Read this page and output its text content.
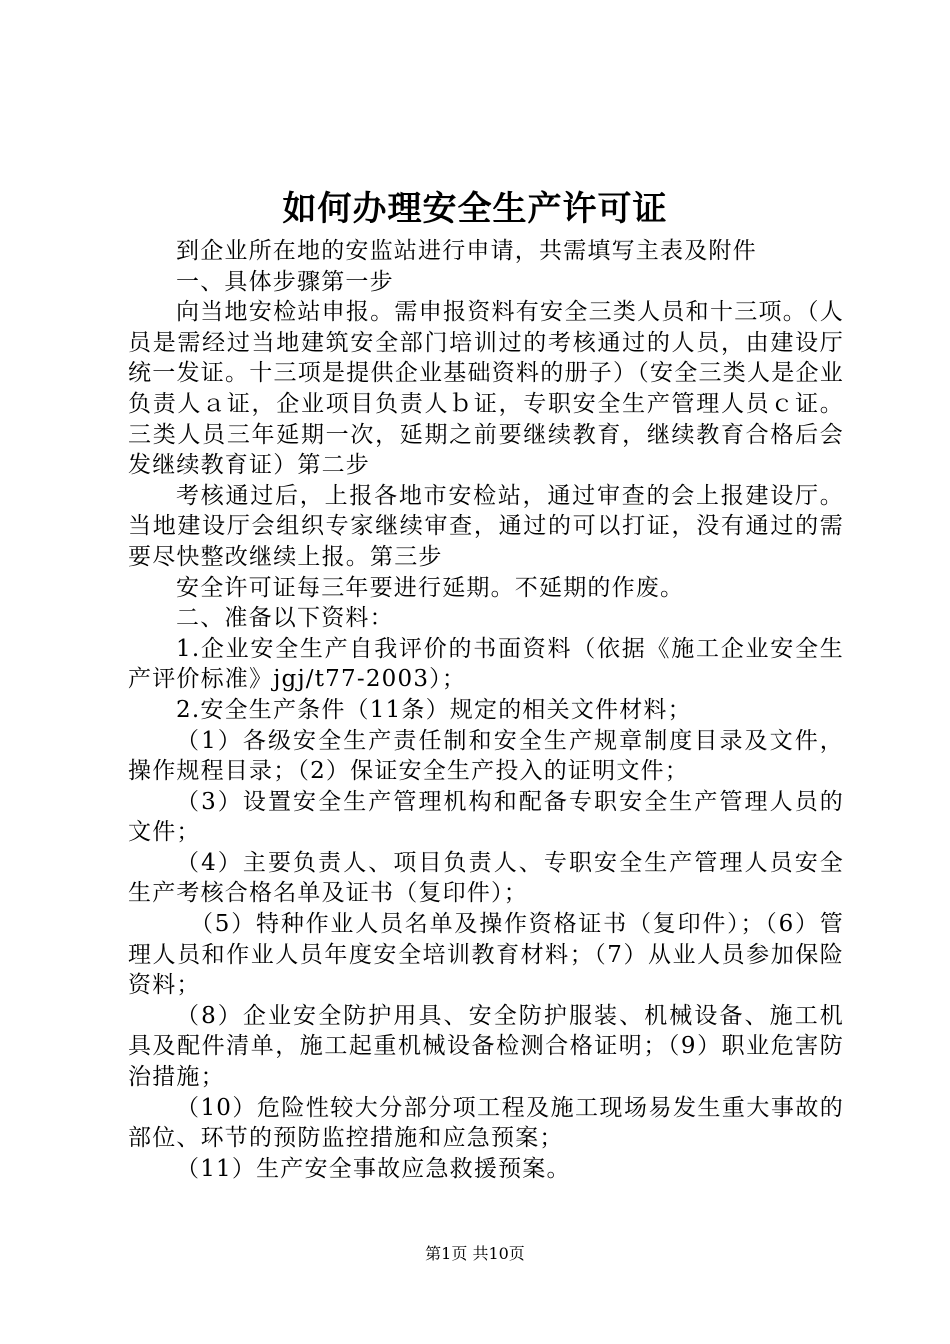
如何办理安全生产许可证

到企业所在地的安监站进行申请，共需填写主表及附件

一、具体步骤第一步

向当地安检站申报。需申报资料有安全三类人员和十三项。（人员是需经过当地建筑安全部门培训过的考核通过的人员，由建设厅统一发证。十三项是提供企业基础资料的册子）（安全三类人是企业负责人ａ证，企业项目负责人ｂ证，专职安全生产管理人员ｃ证。三类人员三年延期一次，延期之前要继续教育，继续教育合格后会发继续教育证）第二步

考核通过后，上报各地市安检站，通过审查的会上报建设厅。当地建设厅会组织专家继续审查，通过的可以打证，没有通过的需要尽快整改继续上报。第三步

安全许可证每三年要进行延期。不延期的作废。

二、准备以下资料：

1.企业安全生产自我评价的书面资料（依据《施工企业安全生产评价标准》jgj/t77-2003）；

2.安全生产条件（11条）规定的相关文件材料；

（1）各级安全生产责任制和安全生产规章制度目录及文件，操作规程目录；（2）保证安全生产投入的证明文件；

（3）设置安全生产管理机构和配备专职安全生产管理人员的文件；

（4）主要负责人、项目负责人、专职安全生产管理人员安全生产考核合格名单及证书（复印件）；

（5）特种作业人员名单及操作资格证书（复印件）；（6）管理人员和作业人员年度安全培训教育材料；（7）从业人员参加保险资料；

（8）企业安全防护用具、安全防护服装、机械设备、施工机具及配件清单，施工起重机械设备检测合格证明；（9）职业危害防治措施；

（10）危险性较大分部分项工程及施工现场易发生重大事故的部位、环节的预防监控措施和应急预案；

（11）生产安全事故应急救援预案。

第1页 共10页
